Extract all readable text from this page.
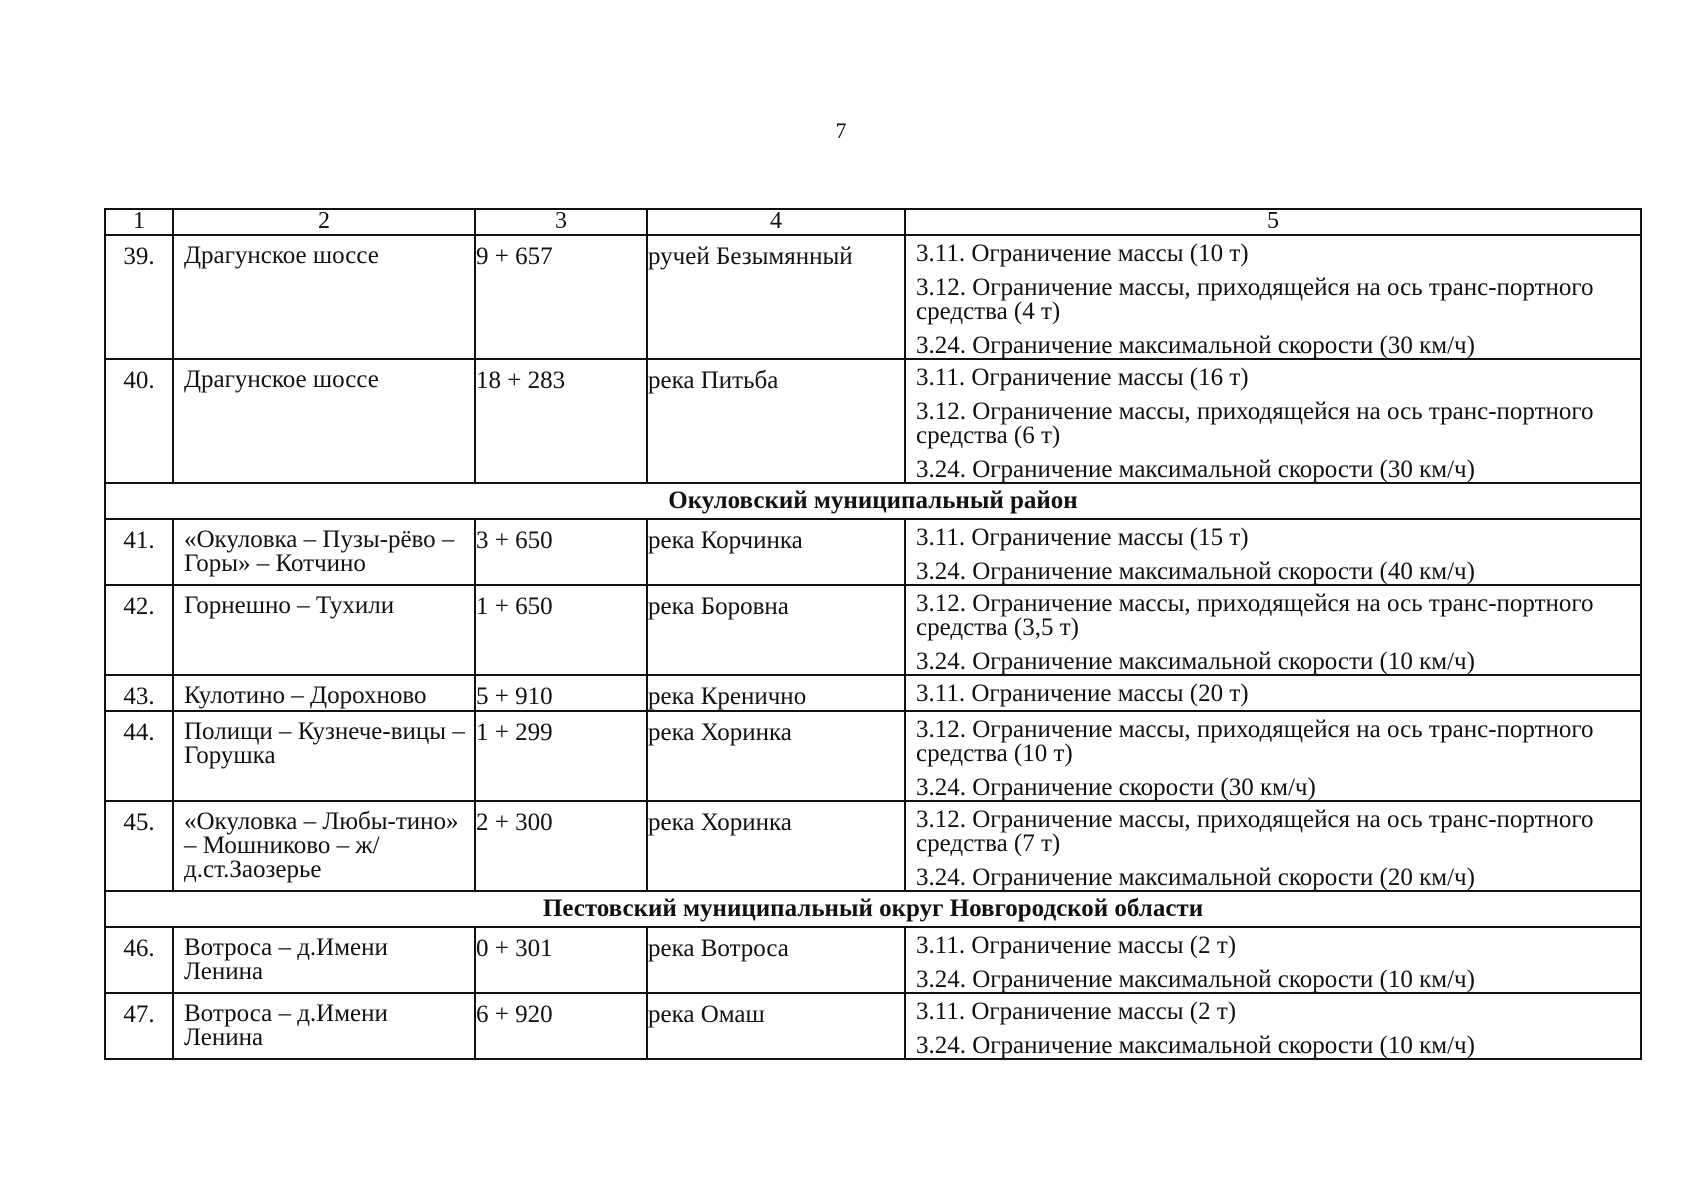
7
1	2	3	4	5
39.	Драгунское шоссе	9 + 657	ручей Безымянный	3.11. Ограничение массы (10 т)
3.12. Ограничение массы, приходящейся на ось транс-портного средства (4 т)
3.24. Ограничение максимальной скорости (30 км/ч)

40.	Драгунское шоссе	18 + 283	река Питьба	3.11. Ограничение массы (16 т)
3.12. Ограничение массы, приходящейся на ось транс-портного средства (6 т)
3.24. Ограничение максимальной скорости (30 км/ч)

Окуловский муниципальный район				
41.	«Окуловка – Пузы-рёво – Горы» – Котчино	3 + 650	река Корчинка	3.11. Ограничение массы (15 т)
3.24. Ограничение максимальной скорости (40 км/ч)

42.	Горнешно – Тухили	1 + 650	река Боровна	3.12. Ограничение массы, приходящейся на ось транс-портного средства (3,5 т)
3.24. Ограничение максимальной скорости (10 км/ч)

43.	Кулотино – Дорохново	5 + 910	река Кренично	3.11. Ограничение массы (20 т)

44.	Полищи – Кузнече-вицы – Горушка	1 + 299	река Хоринка	3.12. Ограничение массы, приходящейся на ось транс-портного средства (10 т)
3.24. Ограничение скорости (30 км/ч)

45.	«Окуловка – Любы-тино» – Мошниково – ж/д.ст.Заозерье	2 + 300	река Хоринка	3.12. Ограничение массы, приходящейся на ось транс-портного средства (7 т)
3.24. Ограничение максимальной скорости (20 км/ч)

Пестовский муниципальный округ Новгородской области				
46.	Вотроса – д.Имени Ленина	0 + 301	река Вотроса	3.11. Ограничение массы (2 т)
3.24. Ограничение максимальной скорости (10 км/ч)

47.	Вотроса – д.Имени Ленина	6 + 920	река Омаш	3.11. Ограничение массы (2 т)
3.24. Ограничение максимальной скорости (10 км/ч)
